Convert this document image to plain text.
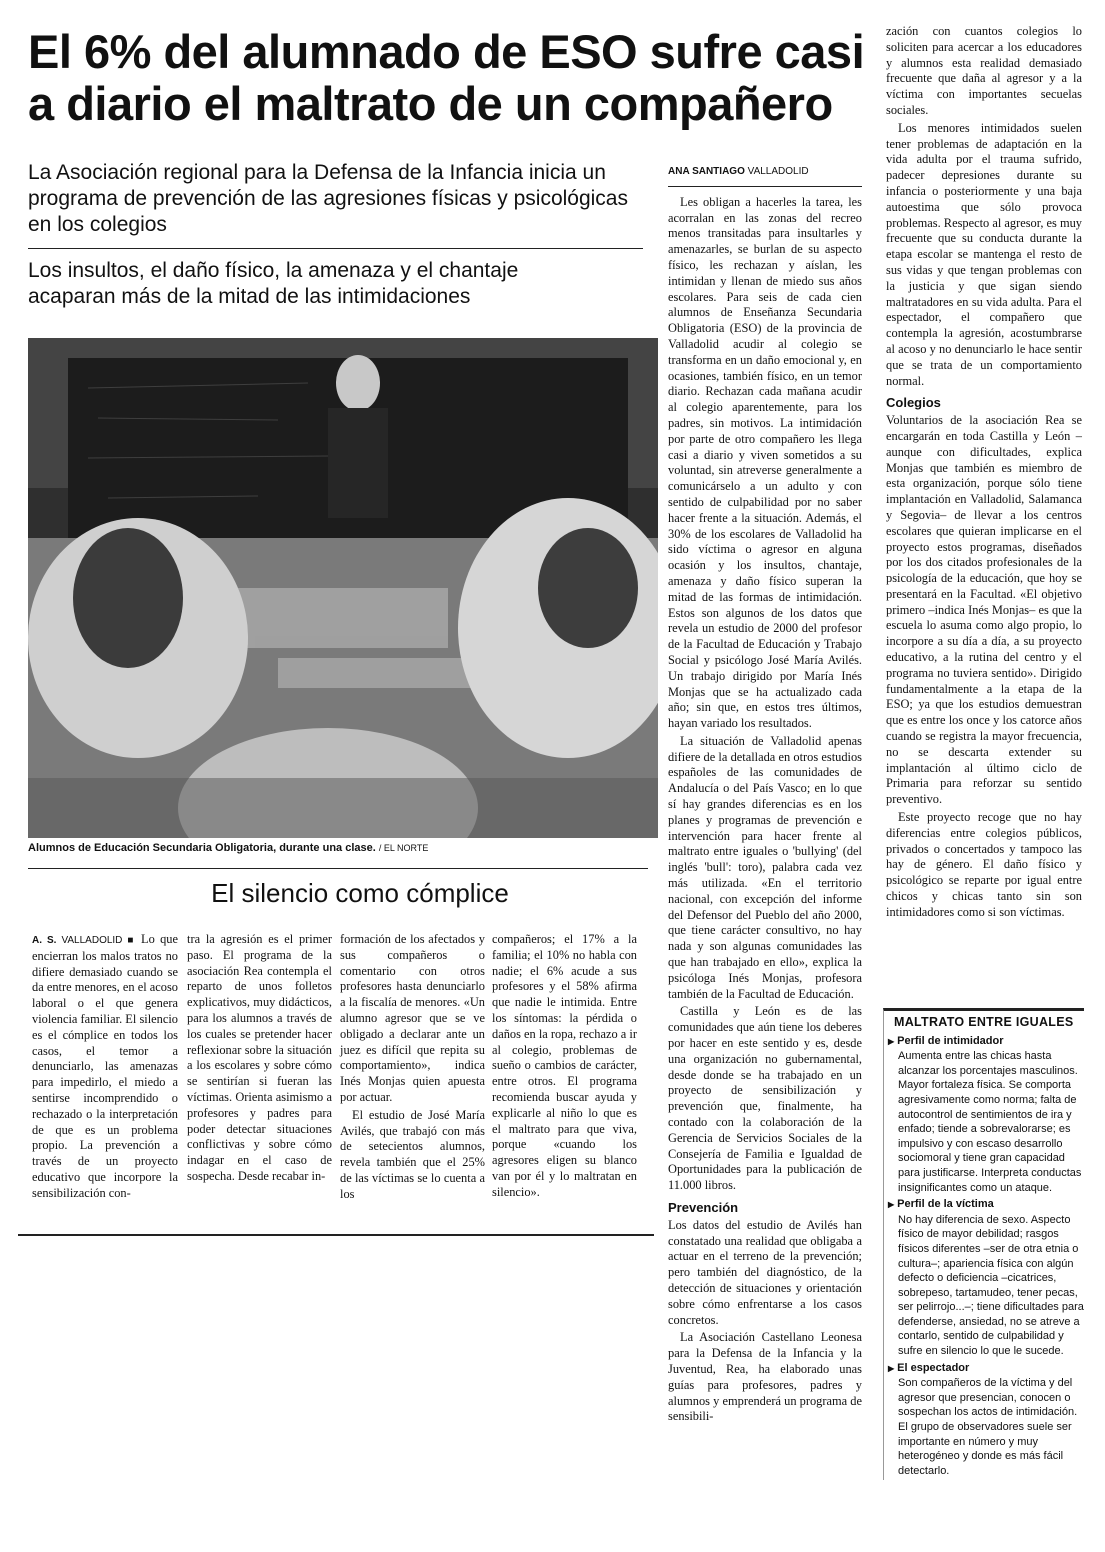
El 6% del alumnado de ESO sufre casi a diario el maltrato de un compañero
La Asociación regional para la Defensa de la Infancia inicia un programa de prevención de las agresiones físicas y psicológicas en los colegios
Los insultos, el daño físico, la amenaza y el chantaje acaparan más de la mitad de las intimidaciones
Alumnos de Educación Secundaria Obligatoria, durante una clase. / EL NORTE
El silencio como cómplice

A. S. VALLADOLID ■ Lo que encierran los malos tratos no difiere demasiado cuando se da entre menores, en el acoso laboral o el que genera violencia familiar. El silencio es el cómplice en todos los casos, el temor a denunciarlo, las amenazas para impedirlo, el miedo a sentirse incomprendido o rechazado o la interpretación de que es un problema propio. La prevención a través de un proyecto educativo que incorpore la sensibilización con-

tra la agresión es el primer paso. El programa de la asociación Rea contempla el reparto de unos folletos explicativos, muy didácticos, para los alumnos a través de los cuales se pretender hacer reflexionar sobre la situación a los escolares y sobre cómo se sentirían si fueran las víctimas. Orienta asimismo a profesores y padres para poder detectar situaciones conflictivas y sobre cómo indagar en el caso de sospecha. Desde recabar in-

formación de los afectados y sus compañeros o comentario con otros profesores hasta denunciarlo a la fiscalía de menores. «Un alumno agresor que se ve obligado a declarar ante un juez es difícil que repita su comportamiento», indica Inés Monjas quien apuesta por actuar.

El estudio de José María Avilés, que trabajó con más de setecientos alumnos, revela también que el 25% de las víctimas se lo cuenta a los

compañeros; el 17% a la familia; el 10% no habla con nadie; el 6% acude a sus profesores y el 58% afirma que nadie le intimida. Entre los síntomas: la pérdida o daños en la ropa, rechazo a ir al colegio, problemas de sueño o cambios de carácter, entre otros. El programa recomienda buscar ayuda y explicarle al niño lo que es el maltrato para que viva, porque «cuando los agresores eligen su blanco van por él y lo maltratan en silencio».

ANA SANTIAGO VALLADOLID

Les obligan a hacerles la tarea, les acorralan en las zonas del recreo menos transitadas para insultarles y amenazarles, se burlan de su aspecto físico, les rechazan y aíslan, les intimidan y llenan de miedo sus años escolares. Para seis de cada cien alumnos de Enseñanza Secundaria Obligatoria (ESO) de la provincia de Valladolid acudir al colegio se transforma en un daño emocional y, en ocasiones, también físico, en un temor diario. Rechazan cada mañana acudir al colegio aparentemente, para los padres, sin motivos. La intimidación por parte de otro compañero les llega casi a diario y viven sometidos a su voluntad, sin atreverse generalmente a comunicárselo a un adulto y con sentido de culpabilidad por no saber hacer frente a la situación. Además, el 30% de los escolares de Valladolid ha sido víctima o agresor en alguna ocasión y los insultos, chantaje, amenaza y daño físico superan la mitad de las formas de intimidación. Estos son algunos de los datos que revela un estudio de 2000 del profesor de la Facultad de Educación y Trabajo Social y psicólogo José María Avilés. Un trabajo dirigido por María Inés Monjas que se ha actualizado cada año; sin que, en estos tres últimos, hayan variado los resultados.

La situación de Valladolid apenas difiere de la detallada en otros estudios españoles de las comunidades de Andalucía o del País Vasco; en lo que sí hay grandes diferencias es en los planes y programas de prevención e intervención para hacer frente al maltrato entre iguales o 'bullying' (del inglés 'bull': toro), palabra cada vez más utilizada. «En el territorio nacional, con excepción del informe del Defensor del Pueblo del año 2000, que tiene carácter consultivo, no hay nada y son algunas comunidades las que han trabajado en ello», explica la psicóloga Inés Monjas, profesora también de la Facultad de Educación.

Castilla y León es de las comunidades que aún tiene los deberes por hacer en este sentido y es, desde una organización no gubernamental, desde donde se ha trabajado en un proyecto de sensibilización y prevención que, finalmente, ha contado con la colaboración de la Gerencia de Servicios Sociales de la Consejería de Familia e Igualdad de Oportunidades para la publicación de 11.000 libros.

Prevención

Los datos del estudio de Avilés han constatado una realidad que obligaba a actuar en el terreno de la prevención; pero también del diagnóstico, de la detección de situaciones y orientación sobre cómo enfrentarse a los casos concretos.

La Asociación Castellano Leonesa para la Defensa de la Infancia y la Juventud, Rea, ha elaborado unas guías para profesores, padres y alumnos y emprenderá un programa de sensibili-

zación con cuantos colegios lo soliciten para acercar a los educadores y alumnos esta realidad demasiado frecuente que daña al agresor y a la víctima con importantes secuelas sociales.

Los menores intimidados suelen tener problemas de adaptación en la vida adulta por el trauma sufrido, padecer depresiones durante su infancia o posteriormente y una baja autoestima que sólo provoca problemas. Respecto al agresor, es muy frecuente que su conducta durante la etapa escolar se mantenga el resto de sus vidas y que tengan problemas con la justicia y que sigan siendo maltratadores en su vida adulta. Para el espectador, el compañero que contempla la agresión, acostumbrarse al acoso y no denunciarlo le hace sentir que se trata de un comportamiento normal.

Colegios

Voluntarios de la asociación Rea se encargarán en toda Castilla y León –aunque con dificultades, explica Monjas que también es miembro de esta organización, porque sólo tiene implantación en Valladolid, Salamanca y Segovia– de llevar a los centros escolares que quieran implicarse en el proyecto estos programas, diseñados por los dos citados profesionales de la psicología de la educación, que hoy se presentará en la Facultad. «El objetivo primero –indica Inés Monjas– es que la escuela lo asuma como algo propio, lo incorpore a su día a día, a su proyecto educativo, a la rutina del centro y el programa no tuviera sentido». Dirigido fundamentalmente a la etapa de la ESO; ya que los estudios demuestran que es entre los once y los catorce años cuando se registra la mayor frecuencia, no se descarta extender su implantación al último ciclo de Primaria para reforzar su sentido preventivo.

Este proyecto recoge que no hay diferencias entre colegios públicos, privados o concertados y tampoco las hay de género. El daño físico y psicológico se reparte por igual entre chicos y chicas tanto sin son intimidadores como si son víctimas.

MALTRATO ENTRE IGUALES
▶ Perfil de intimidador
Aumenta entre las chicas hasta alcanzar los porcentajes masculinos. Mayor fortaleza física. Se comporta agresivamente como norma; falta de autocontrol de sentimientos de ira y enfado; tiende a sobrevalorarse; es impulsivo y con escaso desarrollo sociomoral y tiene gran capacidad para justificarse. Interpreta conductas insignificantes como un ataque.
▶ Perfil de la víctima
No hay diferencia de sexo. Aspecto físico de mayor debilidad; rasgos físicos diferentes –ser de otra etnia o cultura–; apariencia física con algún defecto o deficiencia –cicatrices, sobrepeso, tartamudeo, tener pecas, ser pelirrojo...–; tiene dificultades para defenderse, ansiedad, no se atreve a contarlo, sentido de culpabilidad y sufre en silencio lo que le sucede.
▶ El espectador
Son compañeros de la víctima y del agresor que presencian, conocen o sospechan los actos de intimidación. El grupo de observadores suele ser importante en número y muy heterogéneo y donde es más fácil detectarlo.
